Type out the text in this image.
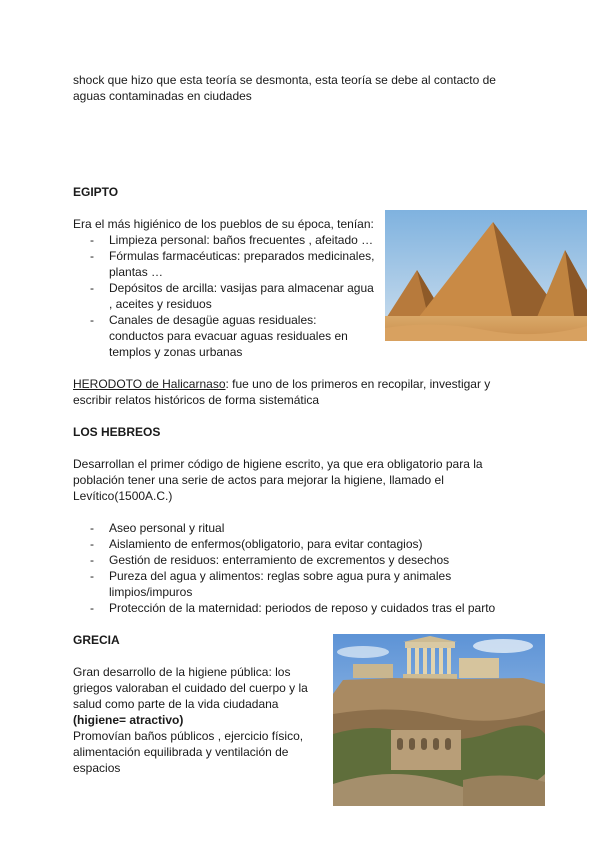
shock que hizo que esta teoría se desmonta, esta teoría se debe al contacto de

aguas contaminadas en ciudades

EGIPTO

Era el más higiénico de los pueblos de su época, tenían:

- Limpieza personal: baños frecuentes , afeitado …
- Fórmulas farmacéuticas: preparados medicinales,
plantas …
- Depósitos de arcilla: vasijas para almacenar agua
, aceites y residuos
- Canales de desagüe aguas residuales:
conductos para evacuar aguas residuales en
templos y zonas urbanas

HERODOTO de Halicarnaso: fue uno de los primeros en recopilar, investigar y

escribir relatos históricos de forma sistemática

LOS HEBREOS

Desarrollan el primer código de higiene escrito, ya que era obligatorio para la

población tener una serie de actos para mejorar la higiene, llamado el

Levítico(1500A.C.)

- Aseo personal y ritual
- Aislamiento de enfermos(obligatorio, para evitar contagios)
- Gestión de residuos: enterramiento de excrementos y desechos
- Pureza del agua y alimentos: reglas sobre agua pura y animales
limpios/impuros
- Protección de la maternidad: periodos de reposo y cuidados tras el parto
GRECIA

Gran desarrollo de la higiene pública: los

griegos valoraban el cuidado del cuerpo y la

salud como parte de la vida ciudadana

(higiene= atractivo)

Promovían baños públicos , ejercicio físico,

alimentación equilibrada y ventilación de

espacios
